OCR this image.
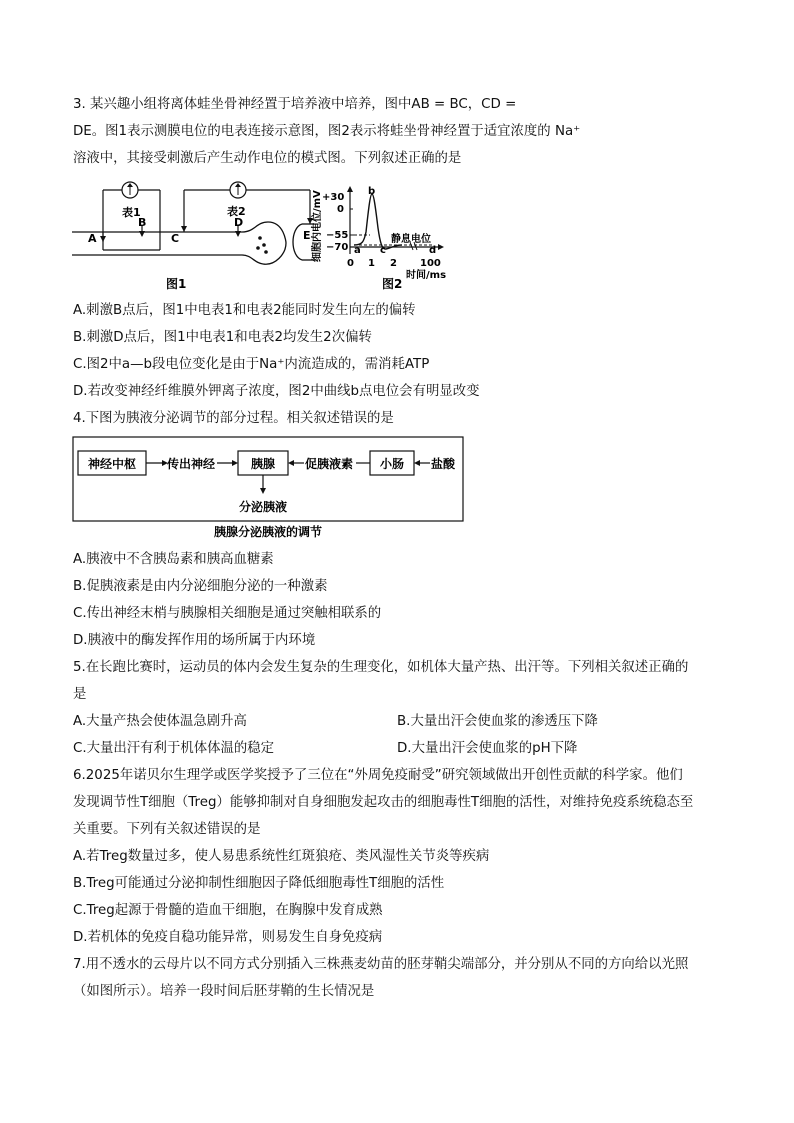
3. 某兴趣小组将离体蛙坐骨神经置于培养液中培养，图中AB = BC，CD =
DE。图1表示测膜电位的电表连接示意图，图2表示将蛙坐骨神经置于适宜浓度的 Na⁺
溶液中，其接受刺激后产生动作电位的模式图。下列叙述正确的是
表1	表2
A
B
C
D
E
图1
细胞内电位/mV +30
0
−55
−70 a
b
c	d
静息电位
0 1 2 100
时间/ms
图2
A.刺激B点后，图1中电表1和电表2能同时发生向左的偏转
B.刺激D点后，图1中电表1和电表2均发生2次偏转
C.图2中a—b段电位变化是由于Na⁺内流造成的，需消耗ATP
D.若改变神经纤维膜外钾离子浓度，图2中曲线b点电位会有明显改变
4.下图为胰液分泌调节的部分过程。相关叙述错误的是
神经中枢	传出神经	胰腺 促胰液素 小肠 盐酸
分泌胰液
胰腺分泌胰液的调节
A.胰液中不含胰岛素和胰高血糖素
B.促胰液素是由内分泌细胞分泌的一种激素
C.传出神经末梢与胰腺相关细胞是通过突触相联系的
D.胰液中的酶发挥作用的场所属于内环境
5.在长跑比赛时，运动员的体内会发生复杂的生理变化，如机体大量产热、出汗等。下列相关叙述正确的
是
A.大量产热会使体温急剧升高	B.大量出汗会使血浆的渗透压下降
C.大量出汗有利于机体体温的稳定	D.大量出汗会使血浆的pH下降
6.2025年诺贝尔生理学或医学奖授予了三位在“外周免疫耐受”研究领域做出开创性贡献的科学家。他们
发现调节性T细胞（Treg）能够抑制对自身细胞发起攻击的细胞毒性T细胞的活性，对维持免疫系统稳态至
关重要。下列有关叙述错误的是
A.若Treg数量过多，使人易患系统性红斑狼疮、类风湿性关节炎等疾病
B.Treg可能通过分泌抑制性细胞因子降低细胞毒性T细胞的活性
C.Treg起源于骨髓的造血干细胞，在胸腺中发育成熟
D.若机体的免疫自稳功能异常，则易发生自身免疫病
7.用不透水的云母片以不同方式分别插入三株燕麦幼苗的胚芽鞘尖端部分，并分别从不同的方向给以光照
（如图所示）。培养一段时间后胚芽鞘的生长情况是
